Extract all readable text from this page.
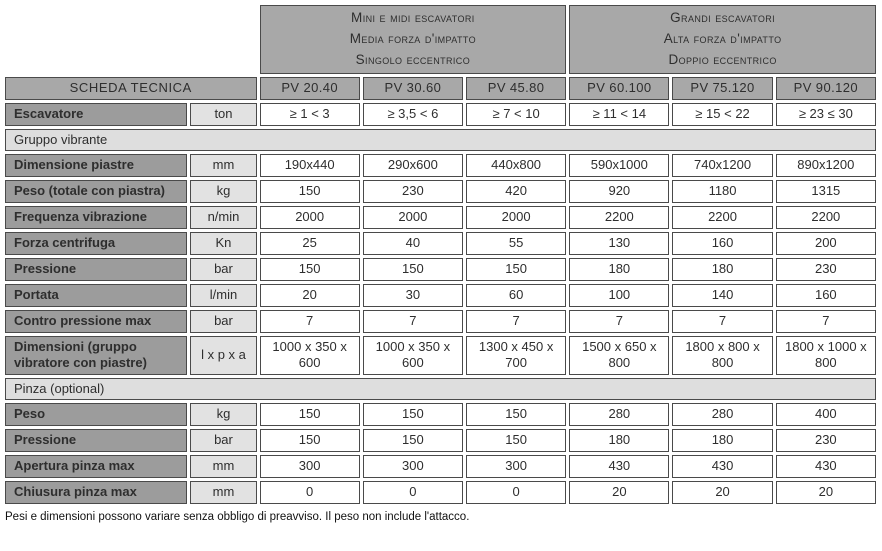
Mini e midi escavatori
Media forza d'impatto
Singolo eccentrico

Grandi escavatori
Alta forza d'impatto
Doppio eccentrico

SCHEDA TECNICA		PV 20.40	PV 30.60	PV 45.80	PV 60.100	PV 75.120	PV 90.120
Escavatore	ton	≥ 1 < 3	≥ 3,5 < 6	≥ 7 < 10	≥ 11 < 14	≥ 15 < 22	≥ 23 ≤ 30
Gruppo vibrante							
Dimensione piastre	mm	190x440	290x600	440x800	590x1000	740x1200	890x1200
Peso (totale con piastra)	kg	150	230	420	920	1180	1315
Frequenza vibrazione	n/min	2000	2000	2000	2200	2200	2200
Forza centrifuga	Kn	25	40	55	130	160	200
Pressione	bar	150	150	150	180	180	230
Portata	l/min	20	30	60	100	140	160
Contro pressione max	bar	7	7	7	7	7	7
Dimensioni (gruppo vibratore con piastre)	l x p x a	1000 x 350 x 600	1000 x 350 x 600	1300 x 450 x 700	1500 x 650 x 800	1800 x 800 x 800	1800 x 1000 x 800
Pinza (optional)							
Peso	kg	150	150	150	280	280	400
Pressione	bar	150	150	150	180	180	230
Apertura pinza max	mm	300	300	300	430	430	430
Chiusura pinza max	mm	0	0	0	20	20	20
Pesi e dimensioni possono variare senza obbligo di preavviso. Il peso non include l'attacco.
